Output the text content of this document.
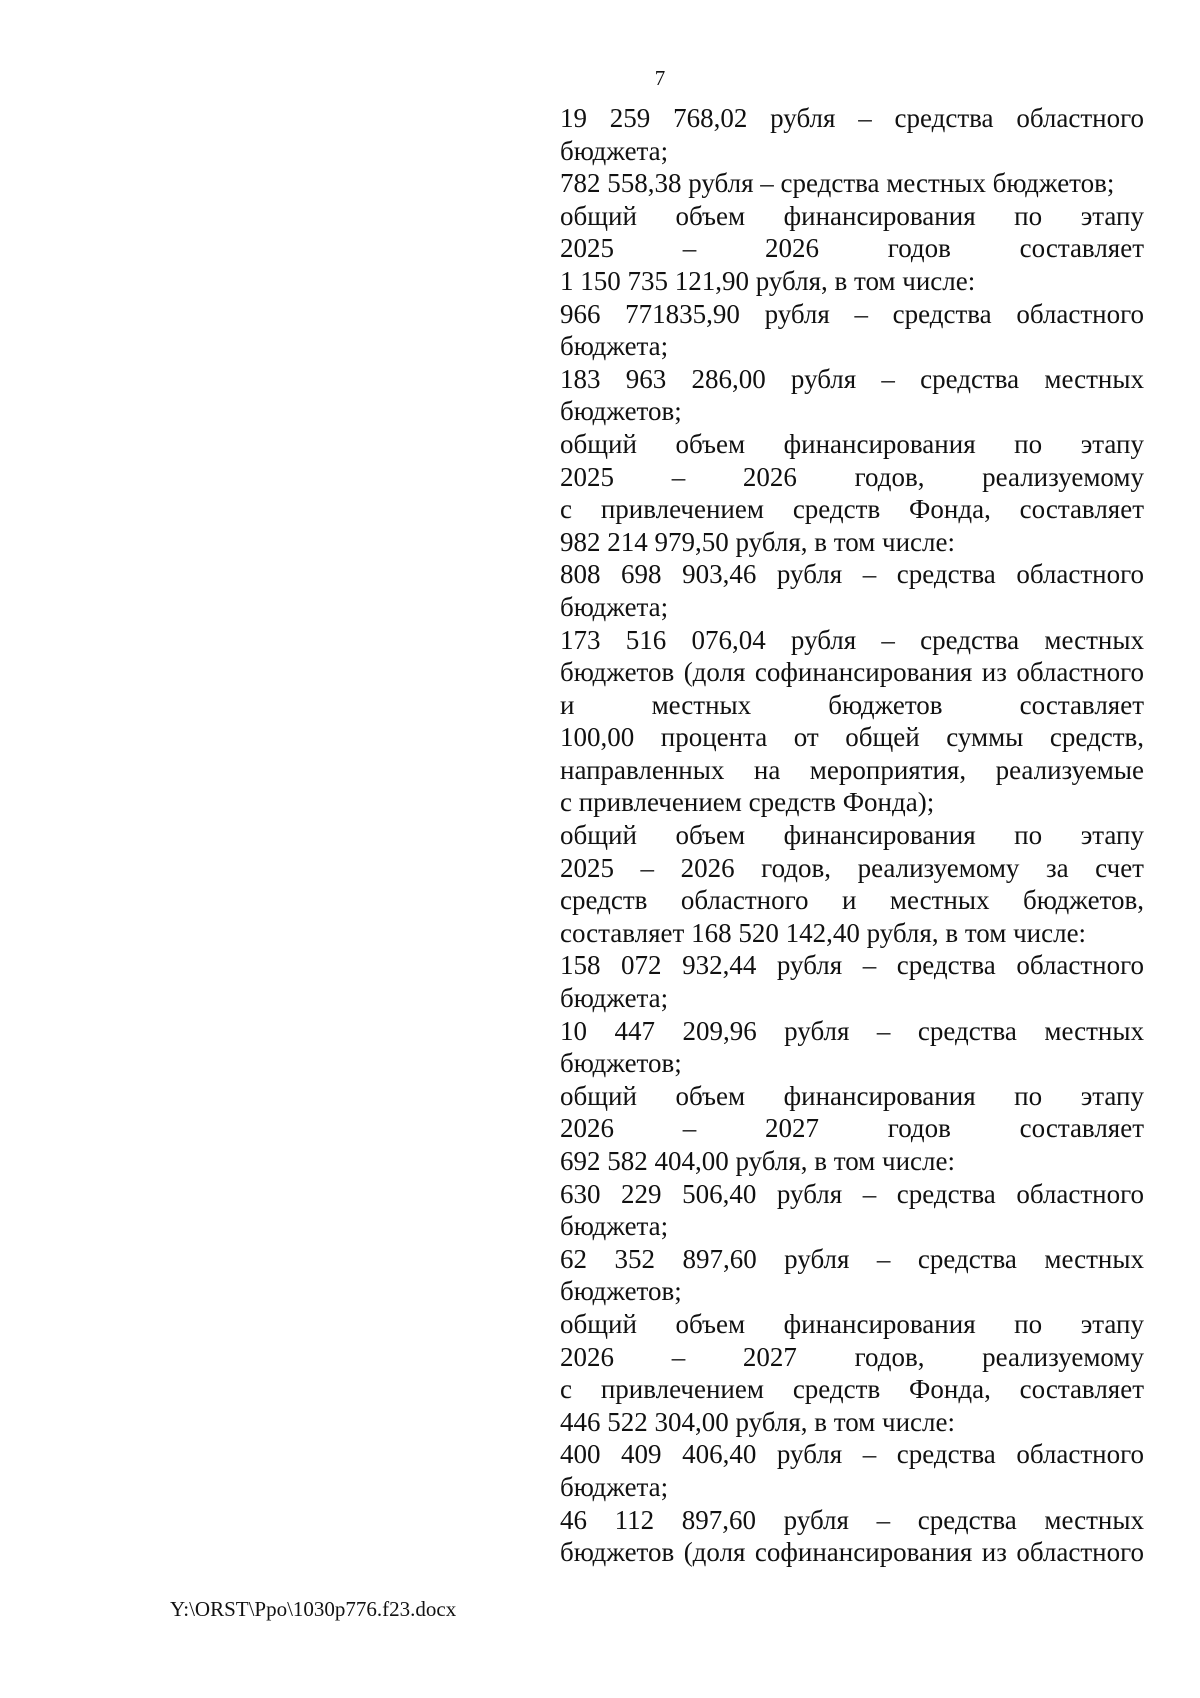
7

19 259 768,02 рубля – средства областного

бюджета;

782 558,38 рубля – средства местных бюджетов;

общий объем финансирования по этапу

2025 – 2026 годов составляет

1 150 735 121,90 рубля, в том числе:

966 771835,90 рубля – средства областного

бюджета;

183 963 286,00 рубля – средства местных

бюджетов;

общий объем финансирования по этапу

2025 – 2026 годов, реализуемому

с привлечением средств Фонда, составляет

982 214 979,50 рубля, в том числе:

808 698 903,46 рубля – средства областного

бюджета;

173 516 076,04 рубля – средства местных

бюджетов (доля софинансирования из областного

и местных бюджетов составляет

100,00 процента от общей суммы средств,

направленных на мероприятия, реализуемые

с привлечением средств Фонда);

общий объем финансирования по этапу

2025 – 2026 годов, реализуемому за счет

средств областного и местных бюджетов,

составляет 168 520 142,40 рубля, в том числе:

158 072 932,44 рубля – средства областного

бюджета;

10 447 209,96 рубля – средства местных

бюджетов;

общий объем финансирования по этапу

2026 – 2027 годов составляет

692 582 404,00 рубля, в том числе:

630 229 506,40 рубля – средства областного

бюджета;

62 352 897,60 рубля – средства местных

бюджетов;

общий объем финансирования по этапу

2026 – 2027 годов, реализуемому

с привлечением средств Фонда, составляет

446 522 304,00 рубля, в том числе:

400 409 406,40 рубля – средства областного

бюджета;

46 112 897,60 рубля – средства местных

бюджетов (доля софинансирования из областного

Y:\ORST\Ppo\1030p776.f23.docx
